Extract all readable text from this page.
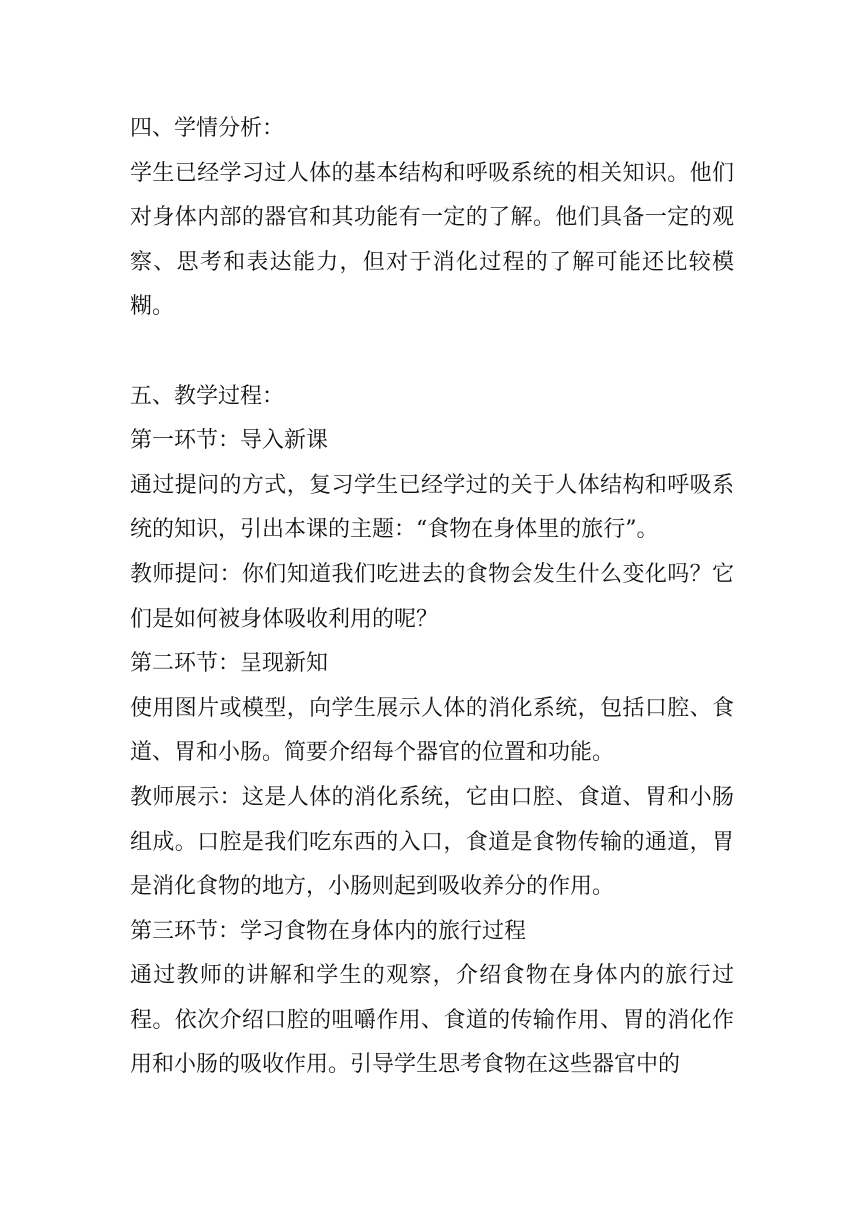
四、学情分析：

学生已经学习过人体的基本结构和呼吸系统的相关知识。他们对身体内部的器官和其功能有一定的了解。他们具备一定的观察、思考和表达能力，但对于消化过程的了解可能还比较模糊。

五、教学过程：

第一环节：导入新课

通过提问的方式，复习学生已经学过的关于人体结构和呼吸系统的知识，引出本课的主题：“食物在身体里的旅行”。

教师提问：你们知道我们吃进去的食物会发生什么变化吗？它们是如何被身体吸收利用的呢？

第二环节：呈现新知

使用图片或模型，向学生展示人体的消化系统，包括口腔、食道、胃和小肠。简要介绍每个器官的位置和功能。

教师展示：这是人体的消化系统，它由口腔、食道、胃和小肠组成。口腔是我们吃东西的入口，食道是食物传输的通道，胃是消化食物的地方，小肠则起到吸收养分的作用。

第三环节：学习食物在身体内的旅行过程

通过教师的讲解和学生的观察，介绍食物在身体内的旅行过程。依次介绍口腔的咀嚼作用、食道的传输作用、胃的消化作用和小肠的吸收作用。引导学生思考食物在这些器官中的
